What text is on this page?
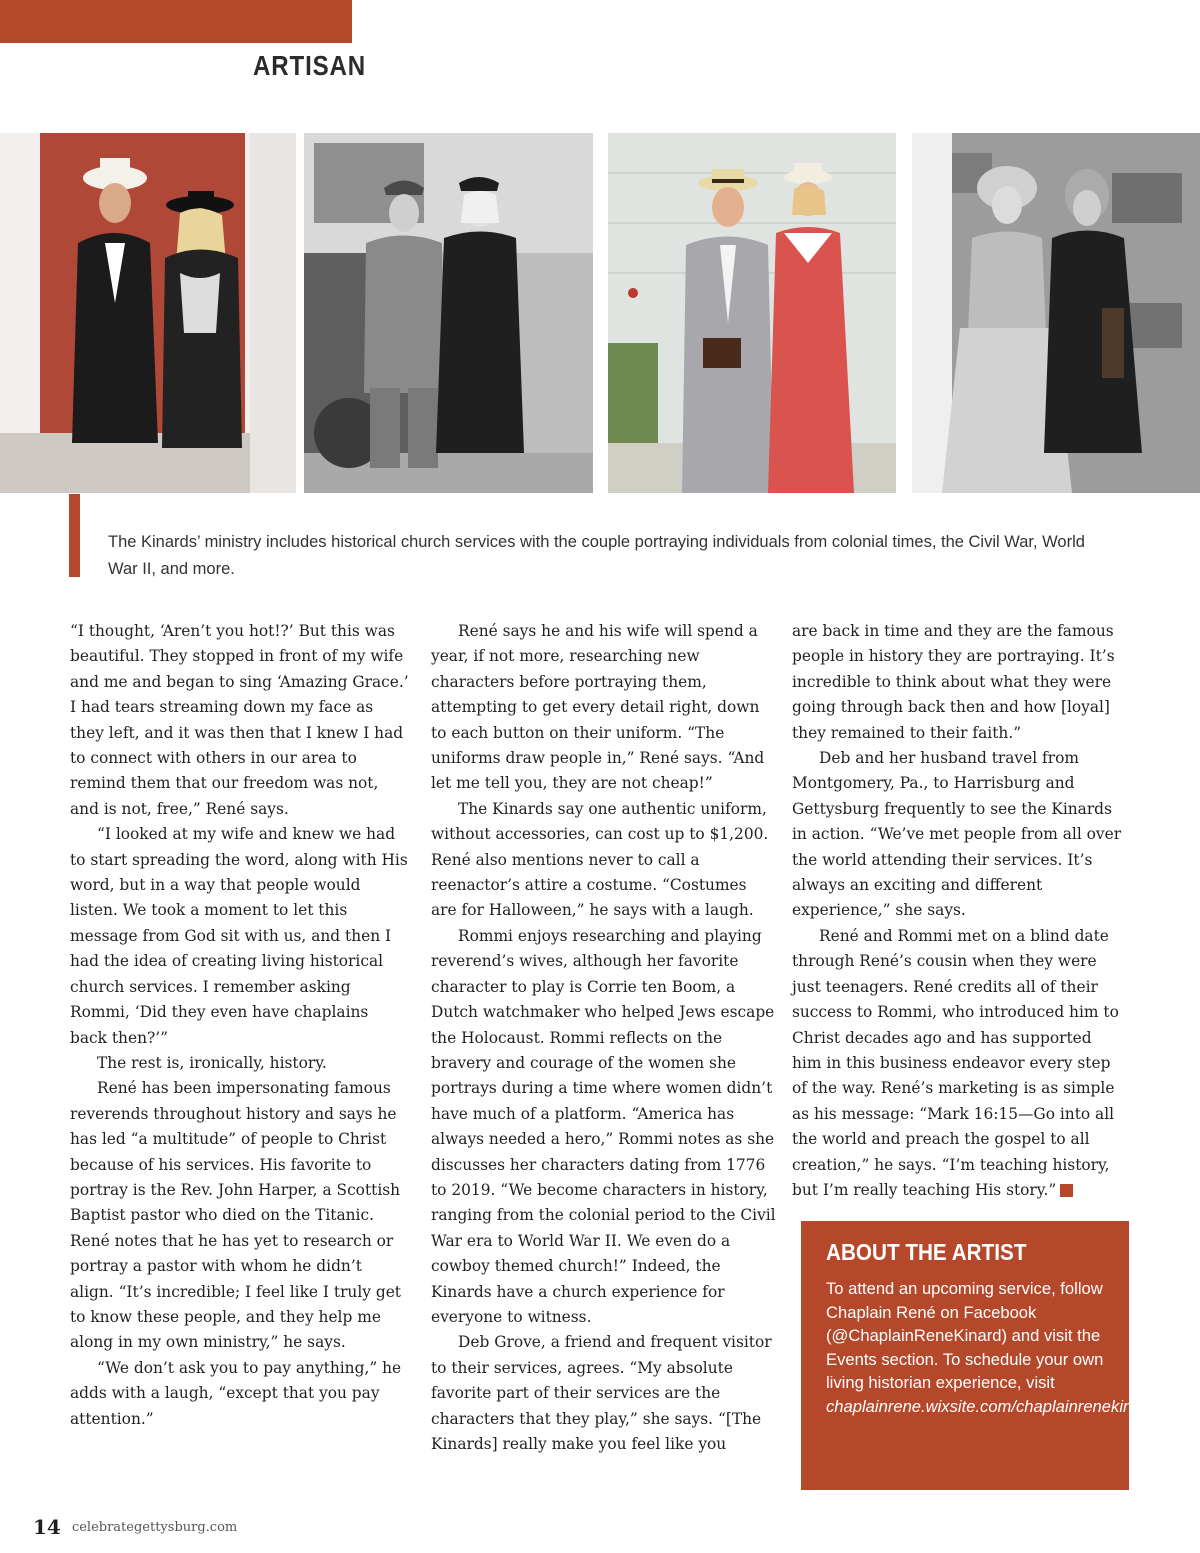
ARTISAN
The Kinards’ ministry includes historical church services with the couple portraying individuals from colonial times, the Civil War, World War II, and more.

“I thought, ‘Aren’t you hot!?’ But this was beautiful. They stopped in front of my wife and me and began to sing ‘Amazing Grace.’ I had tears streaming down my face as they left, and it was then that I knew I had to connect with others in our area to remind them that our freedom was not, and is not, free,” René says.

“I looked at my wife and knew we had to start spreading the word, along with His word, but in a way that people would listen. We took a moment to let this message from God sit with us, and then I had the idea of creating living historical church services. I remember asking Rommi, ‘Did they even have chaplains back then?’”

The rest is, ironically, history.

René has been impersonating famous reverends throughout history and says he has led “a multitude” of people to Christ because of his services. His favorite to portray is the Rev. John Harper, a Scottish Baptist pastor who died on the Titanic. René notes that he has yet to research or portray a pastor with whom he didn’t align. “It’s incredible; I feel like I truly get to know these people, and they help me along in my own ministry,” he says.

“We don’t ask you to pay anything,” he adds with a laugh, “except that you pay attention.”

René says he and his wife will spend a year, if not more, researching new characters before portraying them, attempting to get every detail right, down to each button on their uniform. “The uniforms draw people in,” René says. “And let me tell you, they are not cheap!”

The Kinards say one authentic uniform, without accessories, can cost up to $1,200. René also mentions never to call a reenactor’s attire a costume. “Costumes are for Halloween,” he says with a laugh.

Rommi enjoys researching and playing reverend’s wives, although her favorite character to play is Corrie ten Boom, a Dutch watchmaker who helped Jews escape the Holocaust. Rommi reflects on the bravery and courage of the women she portrays during a time where women didn’t have much of a platform. “America has always needed a hero,” Rommi notes as she discusses her characters dating from 1776 to 2019. “We become characters in history, ranging from the colonial period to the Civil War era to World War II. We even do a cowboy themed church!” Indeed, the Kinards have a church experience for everyone to witness.

Deb Grove, a friend and frequent visitor to their services, agrees. “My absolute favorite part of their services are the characters that they play,” she says. “[The Kinards] really make you feel like you

are back in time and they are the famous people in history they are portraying. It’s incredible to think about what they were going through back then and how [loyal] they remained to their faith.”

Deb and her husband travel from Montgomery, Pa., to Harrisburg and Gettysburg frequently to see the Kinards in action. “We’ve met people from all over the world attending their services. It’s always an exciting and different experience,” she says.

René and Rommi met on a blind date through René’s cousin when they were just teenagers. René credits all of their success to Rommi, who introduced him to Christ decades ago and has supported him in this business endeavor every step of the way. René’s marketing is as simple as his message: “Mark 16:15—Go into all the world and preach the gospel to all creation,” he says. “I’m teaching history, but I’m really teaching His story.”	G

ABOUT THE ARTIST
To attend an upcoming service, follow Chaplain René on Facebook (@ChaplainReneKinard) and visit the Events section. To schedule your own living historian experience, visit chaplainrene.wixsite.com/chaplainrenekinard.
14 celebrategettysburg.com
